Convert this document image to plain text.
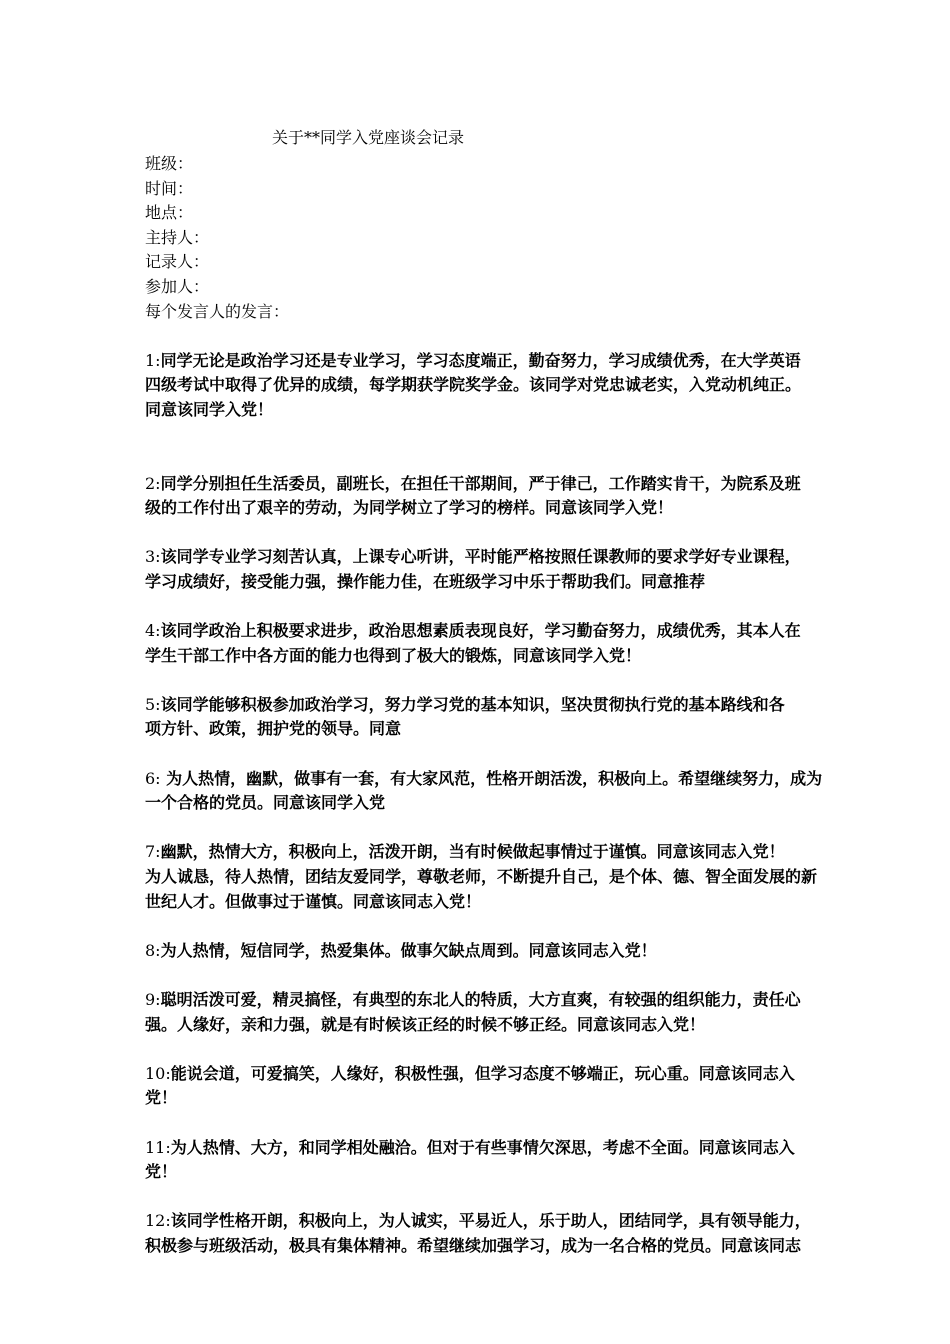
关于**同学入党座谈会记录

班级：

时间：

地点：

主持人：

记录人：

参加人：

每个发言人的发言：

1:同学无论是政治学习还是专业学习，学习态度端正，勤奋努力，学习成绩优秀，在大学英语
四级考试中取得了优异的成绩，每学期获学院奖学金。该同学对党忠诚老实，入党动机纯正。
同意该同学入党！

2:同学分别担任生活委员，副班长，在担任干部期间，严于律己，工作踏实肯干，为院系及班
级的工作付出了艰辛的劳动，为同学树立了学习的榜样。同意该同学入党！

3:该同学专业学习刻苦认真，上课专心听讲，平时能严格按照任课教师的要求学好专业课程，
学习成绩好，接受能力强，操作能力佳，在班级学习中乐于帮助我们。同意推荐

4:该同学政治上积极要求进步，政治思想素质表现良好，学习勤奋努力，成绩优秀，其本人在
学生干部工作中各方面的能力也得到了极大的锻炼，同意该同学入党！

5:该同学能够积极参加政治学习，努力学习党的基本知识，坚决贯彻执行党的基本路线和各
项方针、政策，拥护党的领导。同意

6: 为人热情，幽默，做事有一套，有大家风范，性格开朗活泼，积极向上。希望继续努力，成为
一个合格的党员。同意该同学入党

7:幽默，热情大方，积极向上，活泼开朗，当有时候做起事情过于谨慎。同意该同志入党！
为人诚恳，待人热情，团结友爱同学，尊敬老师，不断提升自己，是个体、德、智全面发展的新
世纪人才。但做事过于谨慎。同意该同志入党！

8:为人热情，短信同学，热爱集体。做事欠缺点周到。同意该同志入党！

9:聪明活泼可爱，精灵搞怪，有典型的东北人的特质，大方直爽，有较强的组织能力，责任心
强。人缘好，亲和力强，就是有时候该正经的时候不够正经。同意该同志入党！

10:能说会道，可爱搞笑，人缘好，积极性强，但学习态度不够端正，玩心重。同意该同志入党！

11:为人热情、大方，和同学相处融洽。但对于有些事情欠深思，考虑不全面。同意该同志入党！

12:该同学性格开朗，积极向上，为人诚实，平易近人，乐于助人，团结同学，具有领导能力，
积极参与班级活动，极具有集体精神。希望继续加强学习，成为一名合格的党员。同意该同志
